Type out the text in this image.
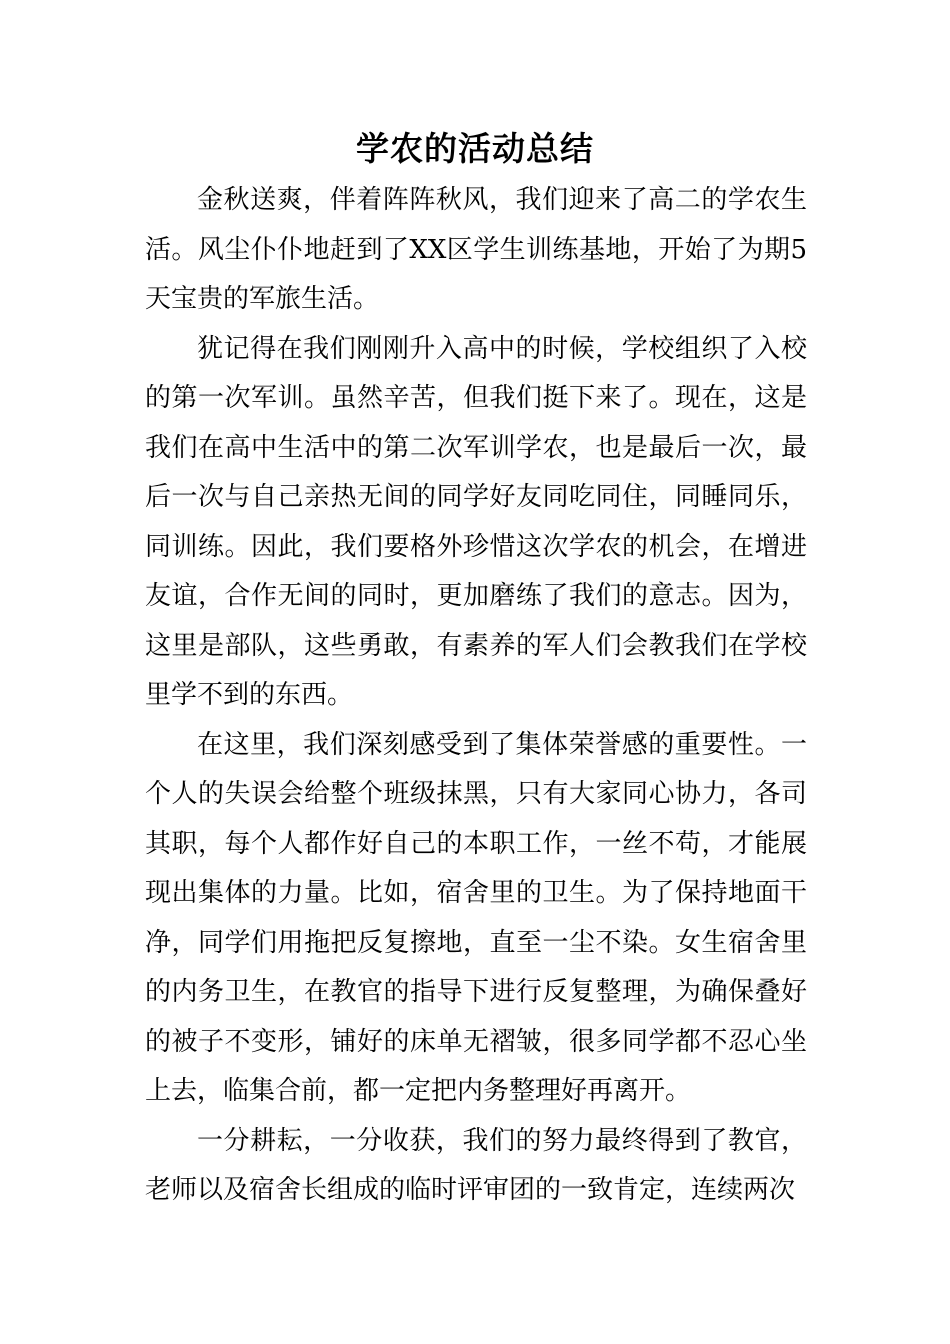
学农的活动总结

金秋送爽，伴着阵阵秋风，我们迎来了高二的学农生活。风尘仆仆地赶到了XX区学生训练基地，开始了为期5天宝贵的军旅生活。

犹记得在我们刚刚升入高中的时候，学校组织了入校的第一次军训。虽然辛苦，但我们挺下来了。现在，这是我们在高中生活中的第二次军训学农，也是最后一次，最后一次与自己亲热无间的同学好友同吃同住，同睡同乐，同训练。因此，我们要格外珍惜这次学农的机会，在增进友谊，合作无间的同时，更加磨练了我们的意志。因为，这里是部队，这些勇敢，有素养的军人们会教我们在学校里学不到的东西。

在这里，我们深刻感受到了集体荣誉感的重要性。一个人的失误会给整个班级抹黑，只有大家同心协力，各司其职，每个人都作好自己的本职工作，一丝不苟，才能展现出集体的力量。比如，宿舍里的卫生。为了保持地面干净，同学们用拖把反复擦地，直至一尘不染。女生宿舍里的内务卫生，在教官的指导下进行反复整理，为确保叠好的被子不变形，铺好的床单无褶皱，很多同学都不忍心坐上去，临集合前，都一定把内务整理好再离开。

一分耕耘，一分收获，我们的努力最终得到了教官，老师以及宿舍长组成的临时评审团的一致肯定，连续两次
